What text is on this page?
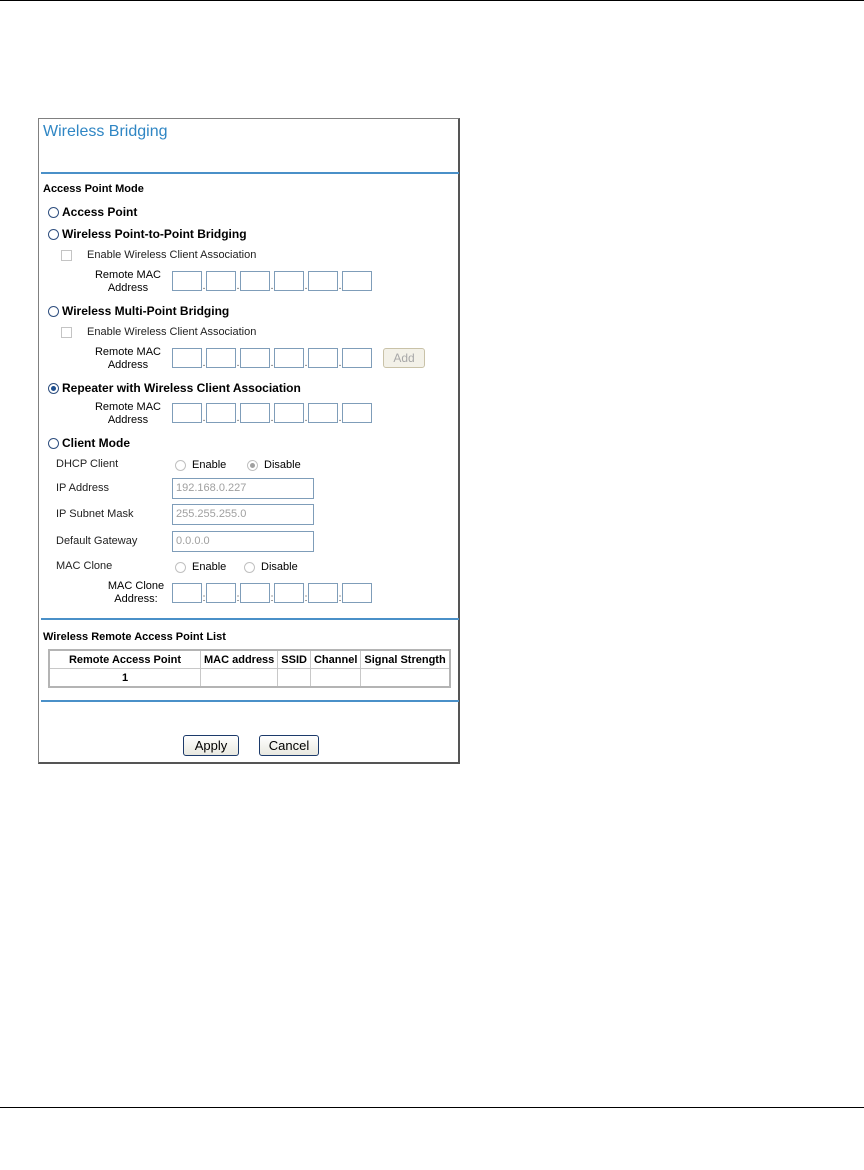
Wireless Bridging
Access Point Mode
Access Point
Wireless Point-to-Point Bridging
Enable Wireless Client Association
Remote MAC Address	.	.	.	.	.
Wireless Multi-Point Bridging
Enable Wireless Client Association
Remote MAC Address	.	.	.	.	.	Add
Repeater with Wireless Client Association
Remote MAC Address	.	.	.	.	.
Client Mode
DHCP Client	Enable	Disable
IP Address	192.168.0.227
IP Subnet Mask	255.255.255.0
Default Gateway	0.0.0.0
MAC Clone	Enable	Disable
MAC Clone Address:	:	:	:	:	:
Wireless Remote Access Point List
Remote Access Point	MAC address	SSID	Channel	Signal Strength
1				
Apply	Cancel
